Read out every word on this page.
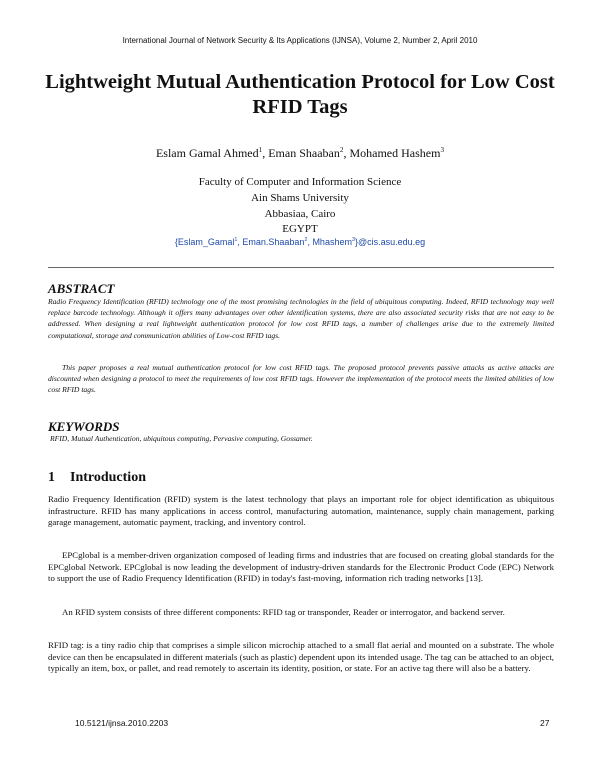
International Journal of Network Security & Its Applications (IJNSA), Volume 2, Number 2, April 2010
Lightweight Mutual Authentication Protocol for Low Cost RFID Tags
Eslam Gamal Ahmed$^1$, Eman Shaaban$^2$, Mohamed Hashem$^3$
Faculty of Computer and Information Science
Ain Shams University
Abbasiaa, Cairo
EGYPT
{Eslam_Gamal$^1$, Eman.Shaaban$^2$, Mhashem$^3$}@cis.asu.edu.eg
ABSTRACT
Radio Frequency Identification (RFID) technology one of the most promising technologies in the field of ubiquitous computing. Indeed, RFID technology may well replace barcode technology. Although it offers many advantages over other identification systems, there are also associated security risks that are not easy to be addressed. When designing a real lightweight authentication protocol for low cost RFID tags, a number of challenges arise due to the extremely limited computational, storage and communication abilities of Low-cost RFID tags.
This paper proposes a real mutual authentication protocol for low cost RFID tags. The proposed protocol prevents passive attacks as active attacks are discounted when designing a protocol to meet the requirements of low cost RFID tags. However the implementation of the protocol meets the limited abilities of low cost RFID tags.
KEYWORDS
RFID, Mutual Authentication, ubiquitous computing, Pervasive computing, Gossamer.
1 Introduction
Radio Frequency Identification (RFID) system is the latest technology that plays an important role for object identification as ubiquitous infrastructure. RFID has many applications in access control, manufacturing automation, maintenance, supply chain management, parking garage management, automatic payment, tracking, and inventory control.
EPCglobal is a member-driven organization composed of leading firms and industries that are focused on creating global standards for the EPCglobal Network. EPCglobal is now leading the development of industry-driven standards for the Electronic Product Code (EPC) Network to support the use of Radio Frequency Identification (RFID) in today's fast-moving, information rich trading networks [13].
An RFID system consists of three different components: RFID tag or transponder, Reader or interrogator, and backend server.
RFID tag: is a tiny radio chip that comprises a simple silicon microchip attached to a small flat aerial and mounted on a substrate. The whole device can then be encapsulated in different materials (such as plastic) dependent upon its intended usage. The tag can be attached to an object, typically an item, box, or pallet, and read remotely to ascertain its identity, position, or state. For an active tag there will also be a battery.
10.5121/ijnsa.2010.2203	27
